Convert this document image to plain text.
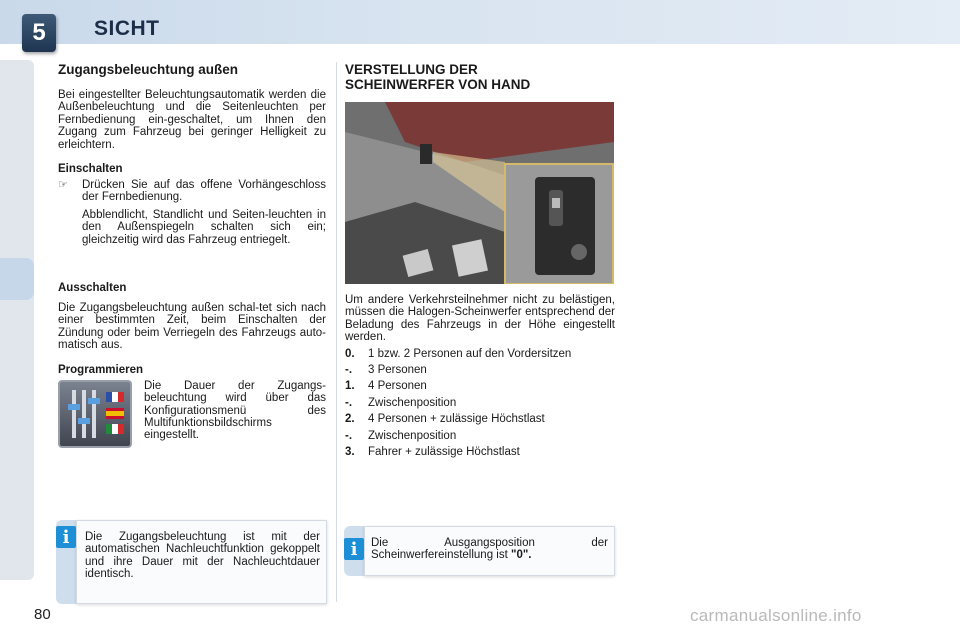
5	SICHT
Zugangsbeleuchtung außen

Bei eingestellter Beleuchtungsautomatik werden die Außenbeleuchtung und die Seitenleuchten per Fernbedienung ein-geschaltet, um Ihnen den Zugang zum Fahrzeug bei geringer Helligkeit zu erleichtern.

Einschalten
☞	Drücken Sie auf das offene Vorhängeschloss der Fernbedienung.
Abblendlicht, Standlicht und Seiten-leuchten in den Außenspiegeln schalten sich ein; gleichzeitig wird das Fahrzeug entriegelt.
Ausschalten

Die Zugangsbeleuchtung außen schal-tet sich nach einer bestimmten Zeit, beim Einschalten der Zündung oder beim Verriegeln des Fahrzeugs auto-matisch aus.

Programmieren

Die Dauer der Zugangs-beleuchtung wird über das Konfigurationsmenü des Multifunktionsbildschirms eingestellt.

Die Zugangsbeleuchtung ist mit der automatischen Nachleuchtfunktion gekoppelt und ihre Dauer mit der Nachleuchtdauer identisch.

i
VERSTELLUNG DER
SCHEINWERFER VON HAND

Um andere Verkehrsteilnehmer nicht zu belästigen, müssen die Halogen-Scheinwerfer entsprechend der Beladung des Fahrzeugs in der Höhe eingestellt werden.

0.	1 bzw. 2 Personen auf den Vordersitzen
-.	3 Personen
1.	4 Personen
-.	Zwischenposition
2.	4 Personen + zulässige Höchstlast
-.	Zwischenposition
3.	Fahrer + zulässige Höchstlast

Die Ausgangsposition der Scheinwerfereinstellung ist "0".

i
80	carmanualsonline.info
